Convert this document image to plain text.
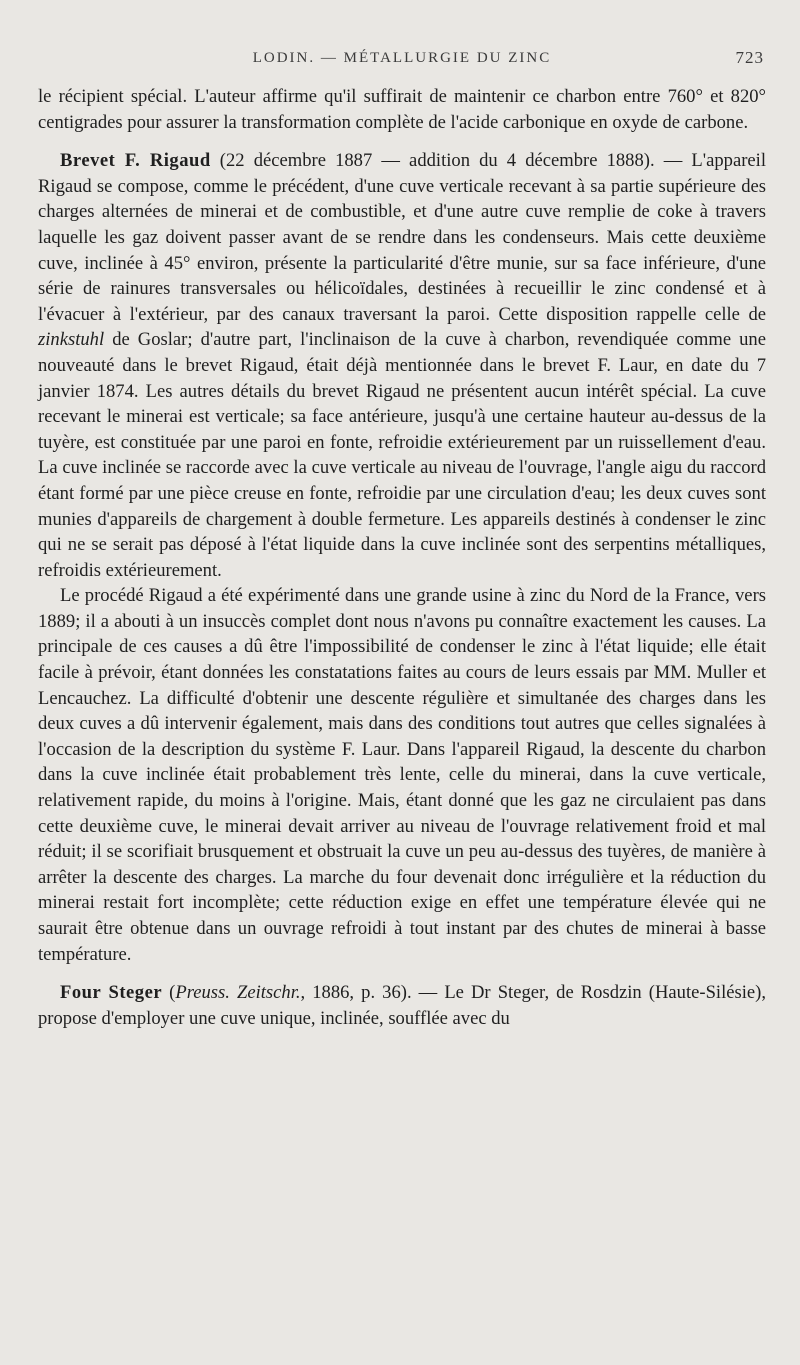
LODIN. — MÉTALLURGIE DU ZINC	723

le récipient spécial. L'auteur affirme qu'il suffirait de maintenir ce charbon entre 760° et 820° centigrades pour assurer la transformation complète de l'acide carbonique en oxyde de carbone.

Brevet F. Rigaud (22 décembre 1887 — addition du 4 décembre 1888). — L'appareil Rigaud se compose, comme le précédent, d'une cuve verticale recevant à sa partie supérieure des charges alternées de minerai et de combustible, et d'une autre cuve remplie de coke à travers laquelle les gaz doivent passer avant de se rendre dans les condenseurs. Mais cette deuxième cuve, inclinée à 45° environ, présente la particularité d'être munie, sur sa face inférieure, d'une série de rainures transversales ou hélicoïdales, destinées à recueillir le zinc condensé et à l'évacuer à l'extérieur, par des canaux traversant la paroi. Cette disposition rappelle celle de zinkstuhl de Goslar; d'autre part, l'inclinaison de la cuve à charbon, revendiquée comme une nouveauté dans le brevet Rigaud, était déjà mentionnée dans le brevet F. Laur, en date du 7 janvier 1874. Les autres détails du brevet Rigaud ne présentent aucun intérêt spécial. La cuve recevant le minerai est verticale; sa face antérieure, jusqu'à une certaine hauteur au-dessus de la tuyère, est constituée par une paroi en fonte, refroidie extérieurement par un ruissellement d'eau. La cuve inclinée se raccorde avec la cuve verticale au niveau de l'ouvrage, l'angle aigu du raccord étant formé par une pièce creuse en fonte, refroidie par une circulation d'eau; les deux cuves sont munies d'appareils de chargement à double fermeture. Les appareils destinés à condenser le zinc qui ne se serait pas déposé à l'état liquide dans la cuve inclinée sont des serpentins métalliques, refroidis extérieurement.

Le procédé Rigaud a été expérimenté dans une grande usine à zinc du Nord de la France, vers 1889; il a abouti à un insuccès complet dont nous n'avons pu connaître exactement les causes. La principale de ces causes a dû être l'impossibilité de condenser le zinc à l'état liquide; elle était facile à prévoir, étant données les constatations faites au cours de leurs essais par MM. Muller et Lencauchez. La difficulté d'obtenir une descente régulière et simultanée des charges dans les deux cuves a dû intervenir également, mais dans des conditions tout autres que celles signalées à l'occasion de la description du système F. Laur. Dans l'appareil Rigaud, la descente du charbon dans la cuve inclinée était probablement très lente, celle du minerai, dans la cuve verticale, relativement rapide, du moins à l'origine. Mais, étant donné que les gaz ne circulaient pas dans cette deuxième cuve, le minerai devait arriver au niveau de l'ouvrage relativement froid et mal réduit; il se scorifiait brusquement et obstruait la cuve un peu au-dessus des tuyères, de manière à arrêter la descente des charges. La marche du four devenait donc irrégulière et la réduction du minerai restait fort incomplète; cette réduction exige en effet une température élevée qui ne saurait être obtenue dans un ouvrage refroidi à tout instant par des chutes de minerai à basse température.

Four Steger (Preuss. Zeitschr., 1886, p. 36). — Le Dr Steger, de Rosdzin (Haute-Silésie), propose d'employer une cuve unique, inclinée, soufflée avec du
